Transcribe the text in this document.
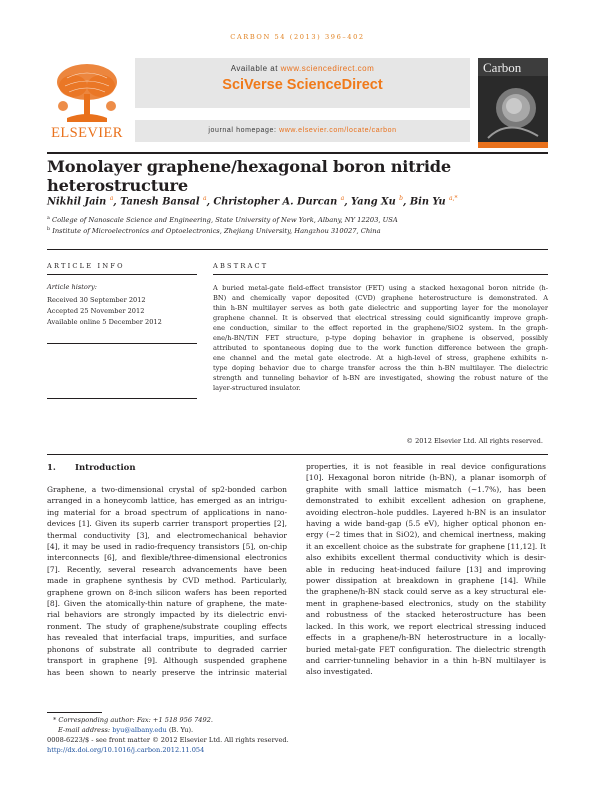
CARBON 54 (2013) 396–402
ELSEVIER
Available at www.sciencedirect.com
SciVerse ScienceDirect
journal homepage: www.elsevier.com/locate/carbon
Carbon
Monolayer graphene/hexagonal boron nitride heterostructure
Nikhil Jain $^a$, Tanesh Bansal $^a$, Christopher A. Durcan $^a$, Yang Xu $^b$, Bin Yu $^{a,*}$
$^a$ College of Nanoscale Science and Engineering, State University of New York, Albany, NY 12203, USA
$^b$ Institute of Microelectronics and Optoelectronics, Zhejiang University, Hangzhou 310027, China
ARTICLE INFO
Article history:
Received 30 September 2012
Accepted 25 November 2012
Available online 5 December 2012
ABSTRACT
A buried metal-gate field-effect transistor (FET) using a stacked hexagonal boron nitride (h-
BN) and chemically vapor deposited (CVD) graphene heterostructure is demonstrated. A
thin h-BN multilayer serves as both gate dielectric and supporting layer for the monolayer
graphene channel. It is observed that electrical stressing could significantly improve graph-
ene conduction, similar to the effect reported in the graphene/SiO2 system. In the graph-
ene/h-BN/TiN FET structure, p-type doping behavior in graphene is observed, possibly
attributed to spontaneous doping due to the work function difference between the graph-
ene channel and the metal gate electrode. At a high-level of stress, graphene exhibits n-
type doping behavior due to charge transfer across the thin h-BN multilayer. The dielectric
strength and tunneling behavior of h-BN are investigated, showing the robust nature of the
layer-structured insulator.
© 2012 Elsevier Ltd. All rights reserved.
1. Introduction
Graphene, a two-dimensional crystal of sp2-bonded carbon
arranged in a honeycomb lattice, has emerged as an intrigu-
ing material for a broad spectrum of applications in nano-
devices [1]. Given its superb carrier transport properties [2],
thermal conductivity [3], and electromechanical behavior
[4], it may be used in radio-frequency transistors [5], on-chip
interconnects [6], and flexible/three-dimensional electronics
[7]. Recently, several research advancements have been
made in graphene synthesis by CVD method. Particularly,
graphene grown on 8-inch silicon wafers has been reported
[8]. Given the atomically-thin nature of graphene, the mate-
rial behaviors are strongly impacted by its dielectric envi-
ronment. The study of graphene/substrate coupling effects
has revealed that interfacial traps, impurities, and surface
phonons of substrate all contribute to degraded carrier
transport in graphene [9]. Although suspended graphene
has been shown to nearly preserve the intrinsic material
properties, it is not feasible in real device configurations
[10]. Hexagonal boron nitride (h-BN), a planar isomorph of
graphite with small lattice mismatch (~1.7%), has been
demonstrated to exhibit excellent adhesion on graphene,
avoiding electron–hole puddles. Layered h-BN is an insulator
having a wide band-gap (5.5 eV), higher optical phonon en-
ergy (~2 times that in SiO2), and chemical inertness, making
it an excellent choice as the substrate for graphene [11,12]. It
also exhibits excellent thermal conductivity which is desir-
able in reducing heat-induced failure [13] and improving
power dissipation at breakdown in graphene [14]. While
the graphene/h-BN stack could serve as a key structural ele-
ment in graphene-based electronics, study on the stability
and robustness of the stacked heterostructure has been
lacked. In this work, we report electrical stressing induced
effects in a graphene/h-BN heterostructure in a locally-
buried metal-gate FET configuration. The dielectric strength
and carrier-tunneling behavior in a thin h-BN multilayer is
also investigated.
* Corresponding author: Fax: +1 518 956 7492.
E-mail address: byu@albany.edu (B. Yu).
0008-6223/$ - see front matter © 2012 Elsevier Ltd. All rights reserved.
http://dx.doi.org/10.1016/j.carbon.2012.11.054
